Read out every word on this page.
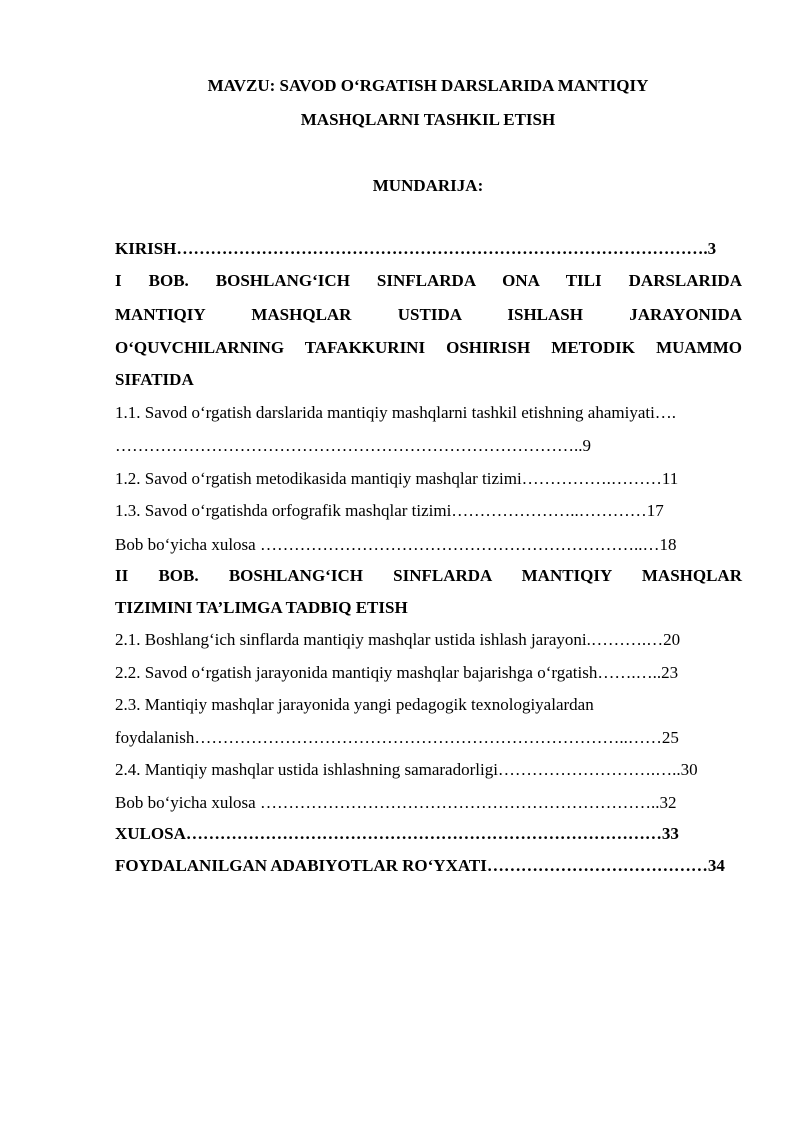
MAVZU: SAVOD O‘RGATISH DARSLARIDA MANTIQIY
MASHQLARNI TASHKIL ETISH
MUNDARIJA:
KIRISH………………………………………………………………………………….3
I BOB. BOSHLANG‘ICH SINFLARDA ONA TILI DARSLARIDA
MANTIQIY MASHQLAR USTIDA ISHLASH JARAYONIDA
O‘QUVCHILARNING TAFAKKURINI OSHIRISH METODIK MUAMMO
SIFATIDA
1.1. Savod o‘rgatish darslarida mantiqiy mashqlarni tashkil etishning ahamiyati….
………………………………………………………………………..9
1.2. Savod o‘rgatish metodikasida mantiqiy mashqlar tizimi…………….………11
1.3. Savod o‘rgatishda orfografik mashqlar tizimi…………………..…………17
Bob bo‘yicha xulosa …………………………………………………………..…18
II BOB. BOSHLANG‘ICH SINFLARDA MANTIQIY MASHQLAR
TIZIMINI TA’LIMGA TADBIQ ETISH
2.1. Boshlang‘ich sinflarda mantiqiy mashqlar ustida ishlash jarayoni.……….…20
2.2. Savod o‘rgatish jarayonida mantiqiy mashqlar bajarishga o‘rgatish…….…..23
2.3. Mantiqiy mashqlar jarayonida yangi pedagogik texnologiyalardan
foydalanish…………………………………………………………………..……25
2.4. Mantiqiy mashqlar ustida ishlashning samaradorligi……………………….…..30
Bob bo‘yicha xulosa ……………………………………………………………..32
XULOSA…………………………………………………………………………33
FOYDALANILGAN ADABIYOTLAR RO‘YXATI…………………………………34
